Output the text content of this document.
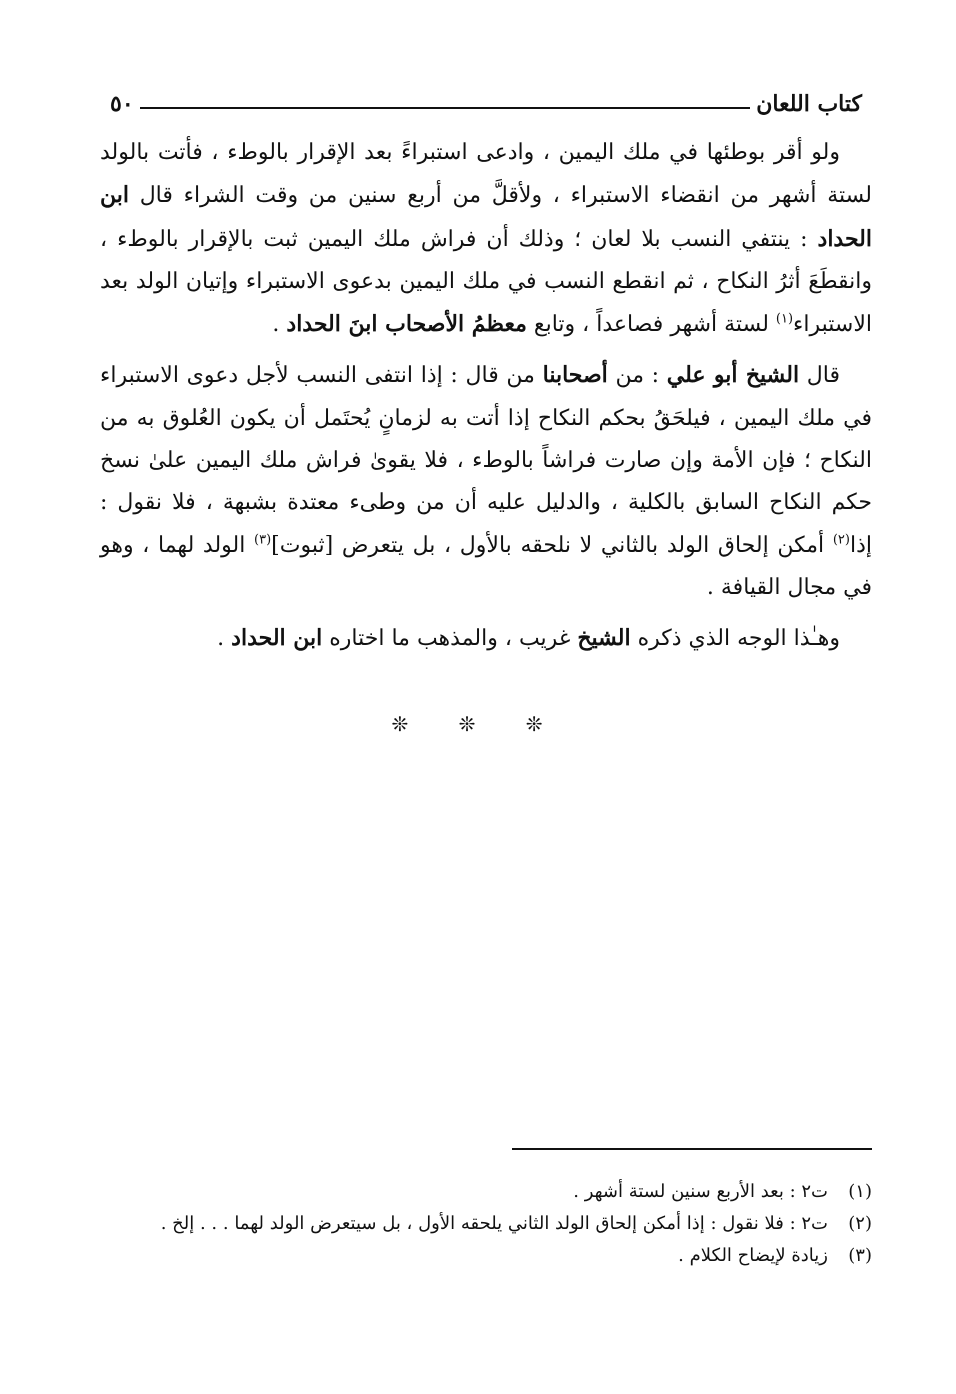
كتاب اللعان
٥٠

ولو أقر بوطئها في ملك اليمين ، وادعى استبراءً بعد الإقرار بالوطء ، فأتت بالولد لستة أشهر من انقضاء الاستبراء ، ولأقلَّ من أربع سنين من وقت الشراء قال ابن الحداد : ينتفي النسب بلا لعان ؛ وذلك أن فراش ملك اليمين ثبت بالإقرار بالوطء ، وانقطَعَ أثرُ النكاح ، ثم انقطع النسب في ملك اليمين بدعوى الاستبراء وإتيان الولد بعد الاستبراء$^{(١)}$ لستة أشهر فصاعداً ، وتابع معظمُ الأصحاب ابنَ الحداد .

قال الشيخ أبو علي : من أصحابنا من قال : إذا انتفى النسب لأجل دعوى الاستبراء في ملك اليمين ، فيلحَقُ بحكم النكاح إذا أتت به لزمانٍ يُحتَمل أن يكون العُلوق به من النكاح ؛ فإن الأمة وإن صارت فراشاً بالوطء ، فلا يقوىٰ فراش ملك اليمين علىٰ نسخ حكم النكاح السابق بالكلية ، والدليل عليه أن من وطىء معتدة بشبهة ، فلا نقول : إذا$^{(٢)}$ أمكن إلحاق الولد بالثاني لا نلحقه بالأول ، بل يتعرض [ثبوت]$^{(٣)}$ الولد لهما ، وهو في مجال القيافة .

وهـٰذا الوجه الذي ذكره الشيخ غريب ، والمذهب ما اختاره ابن الحداد .

❊ ❊ ❊
(١)
ت٢ : بعد الأربع سنين لستة أشهر .
(٢)
ت٢ : فلا نقول : إذا أمكن إلحاق الولد الثاني يلحقه الأول ، بل سيتعرض الولد لهما . . . إلخ .
(٣)
زيادة لإيضاح الكلام .
